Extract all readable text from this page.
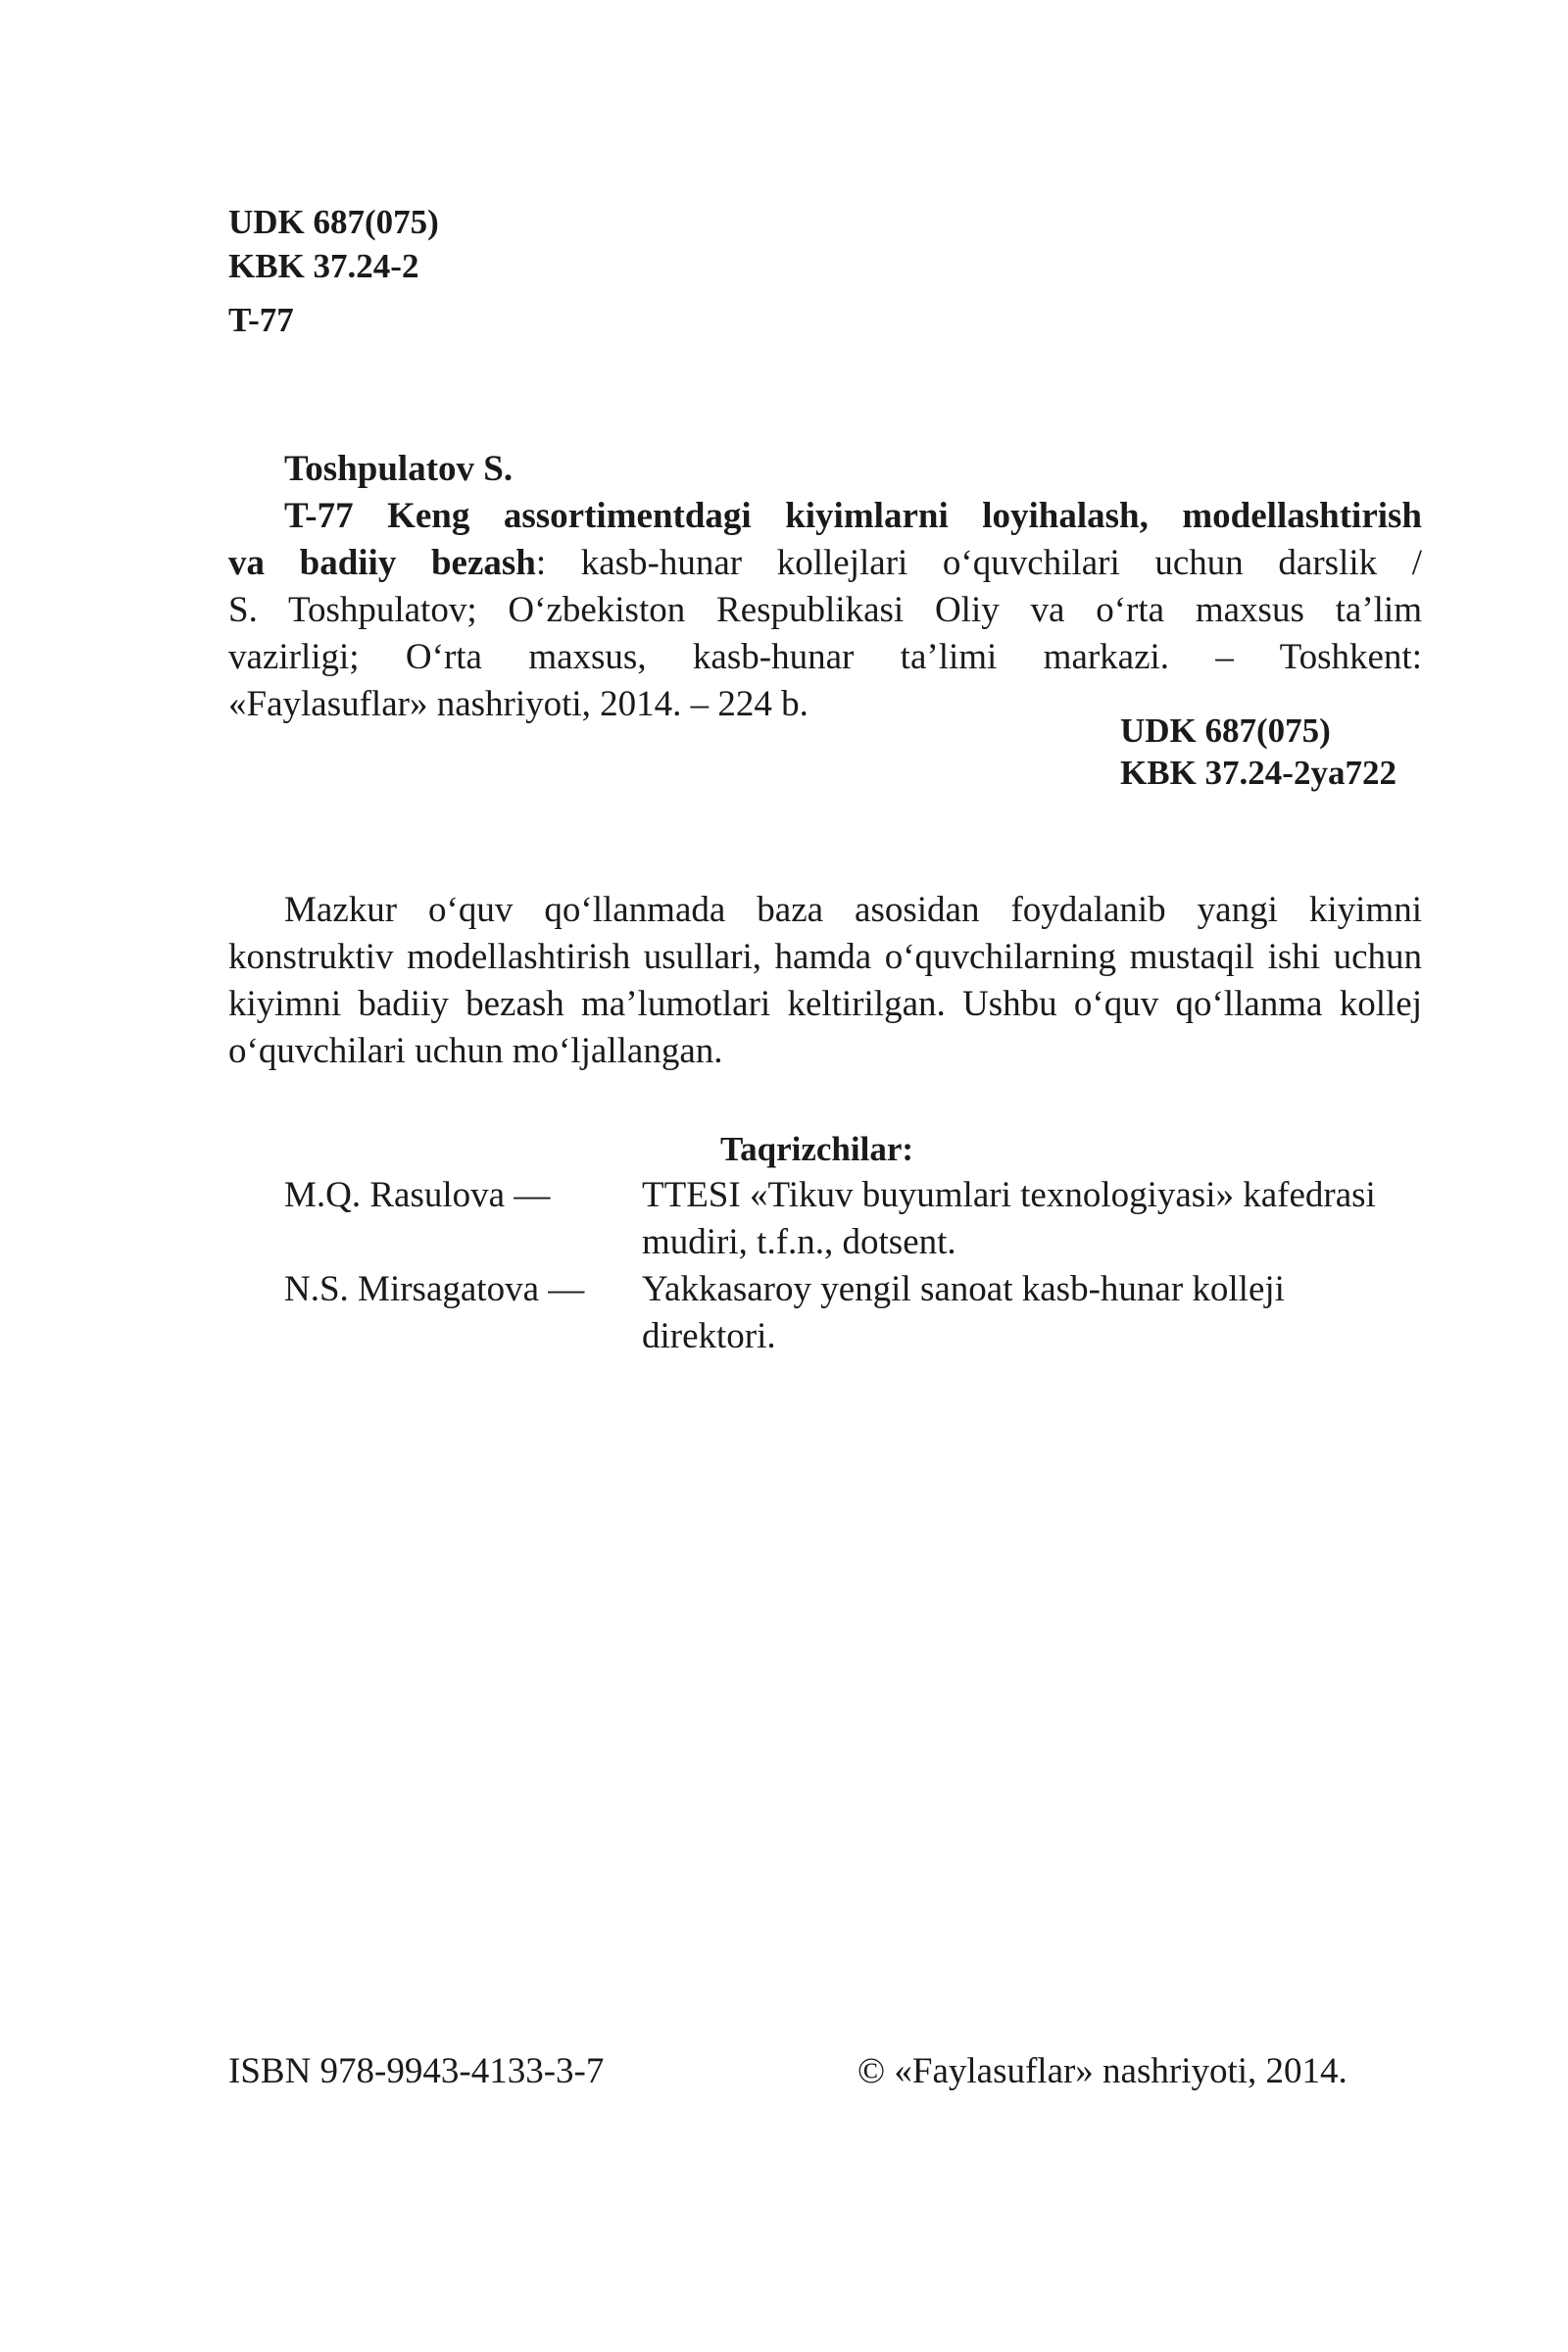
UDK 687(075)
KBK 37.24-2
T-77

Toshpulatov S.

T-77 Keng assortimentdagi kiyimlarni loyihalash, modellashtirish

va badiiy bezash: kasb-hunar kollejlari o‘quvchilari uchun darslik /

S. Toshpulatov; O‘zbekiston Respublikasi Oliy va o‘rta maxsus ta’lim

vazirligi; O‘rta maxsus, kasb-hunar ta’limi markazi. – Toshkent:

«Faylasuflar» nashriyoti, 2014. – 224 b.

UDK 687(075)
KBK 37.24-2ya722

Mazkur o‘quv qo‘llanmada baza asosidan foydalanib yangi kiyimni konstruktiv modellashtirish usullari, hamda o‘quvchilarning mustaqil ishi uchun kiyimni badiiy bezash ma’lumotlari keltirilgan. Ushbu o‘quv qo‘llanma kollej o‘quvchilari uchun mo‘ljallangan.

Taqrizchilar:
M.Q. Rasulova —	TTESI «Tikuv buyumlari texnologiyasi» kafedrasi mudiri, t.f.n., dotsent.
N.S. Mirsagatova — Yakkasaroy yengil sanoat kasb-hunar kolleji direktori.
ISBN 978-9943-4133-3-7	© «Faylasuflar» nashriyoti, 2014.
